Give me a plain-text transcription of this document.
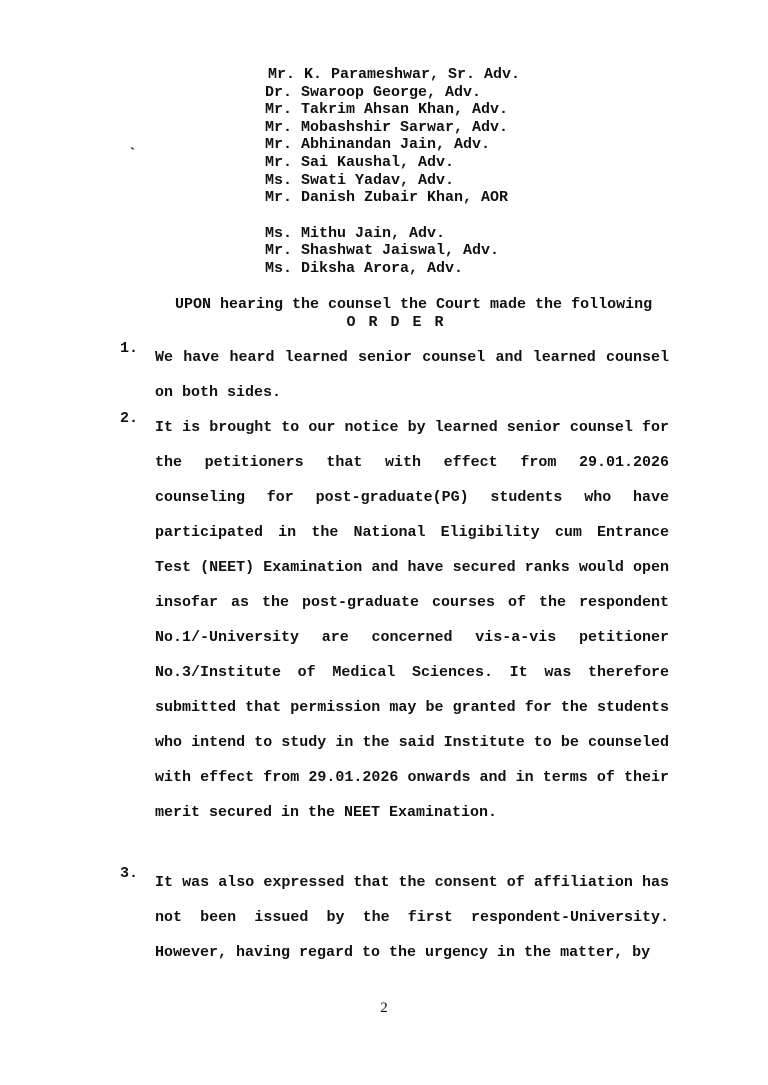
Mr. K. Parameshwar, Sr. Adv.
Dr. Swaroop George, Adv.
Mr. Takrim Ahsan Khan, Adv.
Mr. Mobashshir Sarwar, Adv.
Mr. Abhinandan Jain, Adv.
Mr. Sai Kaushal, Adv.
Ms. Swati Yadav, Adv.
Mr. Danish Zubair Khan, AOR
Ms. Mithu Jain, Adv.
Mr. Shashwat Jaiswal, Adv.
Ms. Diksha Arora, Adv.
`
UPON hearing the counsel the Court made the following
O R D E R
1.
We have heard learned senior counsel and learned counsel on both sides.
2.
It is brought to our notice by learned senior counsel for the petitioners that with effect from 29.01.2026 counseling for post-graduate(PG) students who have participated in the National Eligibility cum Entrance Test (NEET) Examination and have secured ranks would open insofar as the post-graduate courses of the respondent No.1/-University are concerned vis-a-vis petitioner No.3/Institute of Medical Sciences. It was therefore submitted that permission may be granted for the students who intend to study in the said Institute to be counseled with effect from 29.01.2026 onwards and in terms of their merit secured in the NEET Examination.
3.
It was also expressed that the consent of affiliation has not been issued by the first respondent-University. However, having regard to the urgency in the matter, by
2
